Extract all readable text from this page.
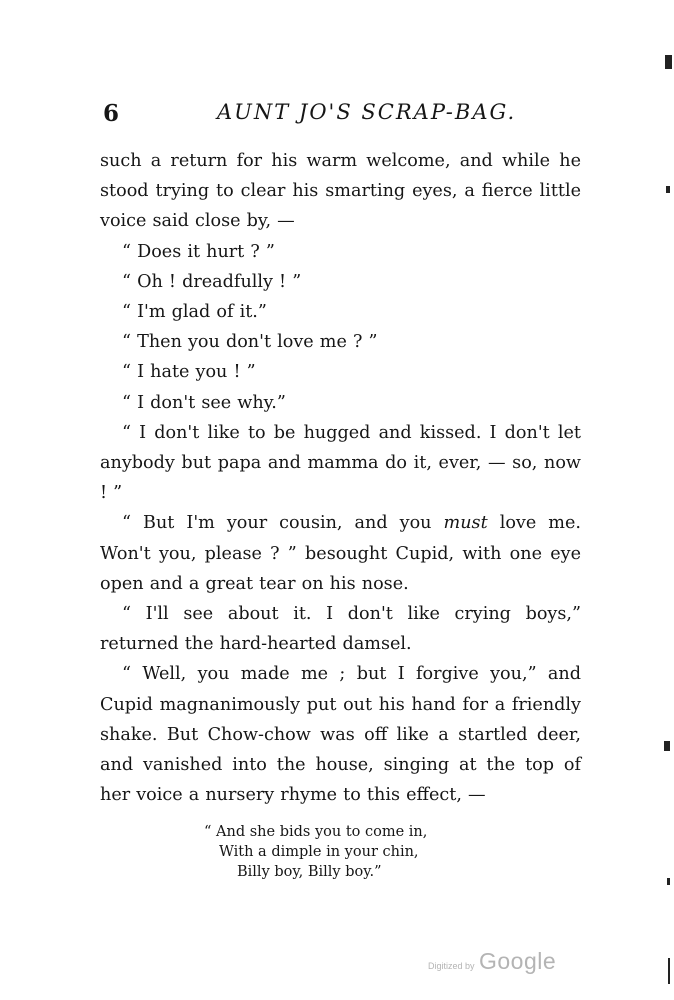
6	AUNT JO'S SCRAP-BAG.

such a return for his warm welcome, and while he stood trying to clear his smarting eyes, a fierce little voice said close by, —

“ Does it hurt ? ”

“ Oh ! dreadfully ! ”

“ I'm glad of it.”

“ Then you don't love me ? ”

“ I hate you ! ”

“ I don't see why.”

“ I don't like to be hugged and kissed. I don't let anybody but papa and mamma do it, ever, — so, now ! ”

“ But I'm your cousin, and you must love me. Won't you, please ? ” besought Cupid, with one eye open and a great tear on his nose.

“ I'll see about it. I don't like crying boys,” returned the hard-hearted damsel.

“ Well, you made me ; but I forgive you,” and Cupid magnanimously put out his hand for a friendly shake. But Chow-chow was off like a startled deer, and vanished into the house, singing at the top of her voice a nursery rhyme to this effect, —

“ And she bids you to come in,
With a dimple in your chin,
Billy boy, Billy boy.”
Digitized by Google
